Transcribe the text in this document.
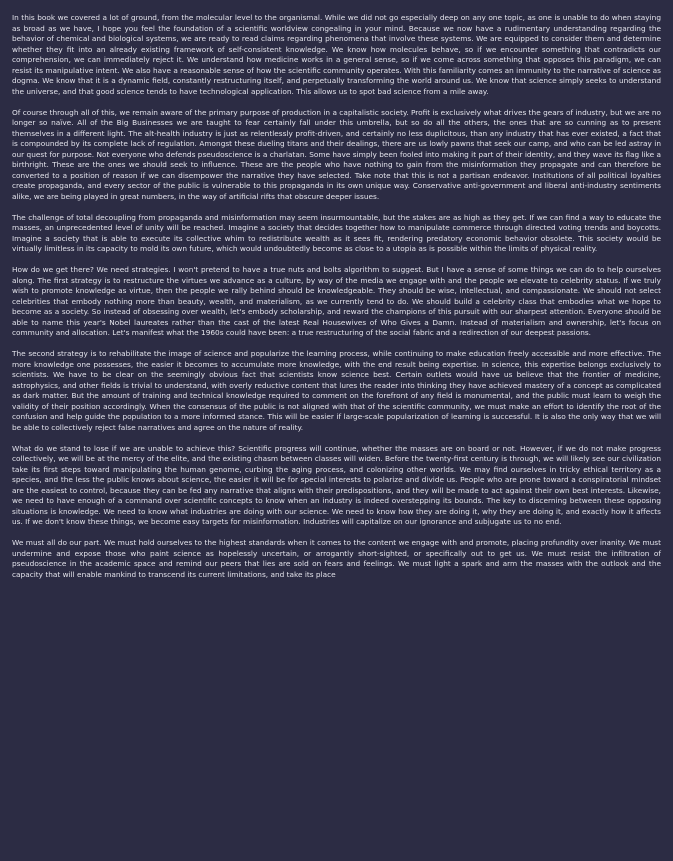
In this book we covered a lot of ground, from the molecular level to the organismal. While we did not go especially deep on any one topic, as one is unable to do when staying as broad as we have, I hope you feel the foundation of a scientific worldview congealing in your mind. Because we now have a rudimentary understanding regarding the behavior of chemical and biological systems, we are ready to read claims regarding phenomena that involve these systems. We are equipped to consider them and determine whether they fit into an already existing framework of self-consistent knowledge. We know how molecules behave, so if we encounter something that contradicts our comprehension, we can immediately reject it. We understand how medicine works in a general sense, so if we come across something that opposes this paradigm, we can resist its manipulative intent. We also have a reasonable sense of how the scientific community operates. With this familiarity comes an immunity to the narrative of science as dogma. We know that it is a dynamic field, constantly restructuring itself, and perpetually transforming the world around us. We know that science simply seeks to understand the universe, and that good science tends to have technological application. This allows us to spot bad science from a mile away.

Of course through all of this, we remain aware of the primary purpose of production in a capitalistic society. Profit is exclusively what drives the gears of industry, but we are no longer so naïve. All of the Big Businesses we are taught to fear certainly fall under this umbrella, but so do all the others, the ones that are so cunning as to present themselves in a different light. The alt-health industry is just as relentlessly profit-driven, and certainly no less duplicitous, than any industry that has ever existed, a fact that is compounded by its complete lack of regulation. Amongst these dueling titans and their dealings, there are us lowly pawns that seek our camp, and who can be led astray in our quest for purpose. Not everyone who defends pseudoscience is a charlatan. Some have simply been fooled into making it part of their identity, and they wave its flag like a birthright. These are the ones we should seek to influence. These are the people who have nothing to gain from the misinformation they propagate and can therefore be converted to a position of reason if we can disempower the narrative they have selected. Take note that this is not a partisan endeavor. Institutions of all political loyalties create propaganda, and every sector of the public is vulnerable to this propaganda in its own unique way. Conservative anti-government and liberal anti-industry sentiments alike, we are being played in great numbers, in the way of artificial rifts that obscure deeper issues.

The challenge of total decoupling from propaganda and misinformation may seem insurmountable, but the stakes are as high as they get. If we can find a way to educate the masses, an unprecedented level of unity will be reached. Imagine a society that decides together how to manipulate commerce through directed voting trends and boycotts. Imagine a society that is able to execute its collective whim to redistribute wealth as it sees fit, rendering predatory economic behavior obsolete. This society would be virtually limitless in its capacity to mold its own future, which would undoubtedly become as close to a utopia as is possible within the limits of physical reality.

How do we get there? We need strategies. I won't pretend to have a true nuts and bolts algorithm to suggest. But I have a sense of some things we can do to help ourselves along. The first strategy is to restructure the virtues we advance as a culture, by way of the media we engage with and the people we elevate to celebrity status. If we truly wish to promote knowledge as virtue, then the people we rally behind should be knowledgeable. They should be wise, intellectual, and compassionate. We should not select celebrities that embody nothing more than beauty, wealth, and materialism, as we currently tend to do. We should build a celebrity class that embodies what we hope to become as a society. So instead of obsessing over wealth, let's embody scholarship, and reward the champions of this pursuit with our sharpest attention. Everyone should be able to name this year's Nobel laureates rather than the cast of the latest Real Housewives of Who Gives a Damn. Instead of materialism and ownership, let's focus on community and allocation. Let's manifest what the 1960s could have been: a true restructuring of the social fabric and a redirection of our deepest passions.

The second strategy is to rehabilitate the image of science and popularize the learning process, while continuing to make education freely accessible and more effective. The more knowledge one possesses, the easier it becomes to accumulate more knowledge, with the end result being expertise. In science, this expertise belongs exclusively to scientists. We have to be clear on the seemingly obvious fact that scientists know science best. Certain outlets would have us believe that the frontier of medicine, astrophysics, and other fields is trivial to understand, with overly reductive content that lures the reader into thinking they have achieved mastery of a concept as complicated as dark matter. But the amount of training and technical knowledge required to comment on the forefront of any field is monumental, and the public must learn to weigh the validity of their position accordingly. When the consensus of the public is not aligned with that of the scientific community, we must make an effort to identify the root of the confusion and help guide the population to a more informed stance. This will be easier if large-scale popularization of learning is successful. It is also the only way that we will be able to collectively reject false narratives and agree on the nature of reality.

What do we stand to lose if we are unable to achieve this? Scientific progress will continue, whether the masses are on board or not. However, if we do not make progress collectively, we will be at the mercy of the elite, and the existing chasm between classes will widen. Before the twenty-first century is through, we will likely see our civilization take its first steps toward manipulating the human genome, curbing the aging process, and colonizing other worlds. We may find ourselves in tricky ethical territory as a species, and the less the public knows about science, the easier it will be for special interests to polarize and divide us. People who are prone toward a conspiratorial mindset are the easiest to control, because they can be fed any narrative that aligns with their predispositions, and they will be made to act against their own best interests. Likewise, we need to have enough of a command over scientific concepts to know when an industry is indeed overstepping its bounds. The key to discerning between these opposing situations is knowledge. We need to know what industries are doing with our science. We need to know how they are doing it, why they are doing it, and exactly how it affects us. If we don't know these things, we become easy targets for misinformation. Industries will capitalize on our ignorance and subjugate us to no end.

We must all do our part. We must hold ourselves to the highest standards when it comes to the content we engage with and promote, placing profundity over inanity. We must undermine and expose those who paint science as hopelessly uncertain, or arrogantly short-sighted, or specifically out to get us. We must resist the infiltration of pseudoscience in the academic space and remind our peers that lies are sold on fears and feelings. We must light a spark and arm the masses with the outlook and the capacity that will enable mankind to transcend its current limitations, and take its place
